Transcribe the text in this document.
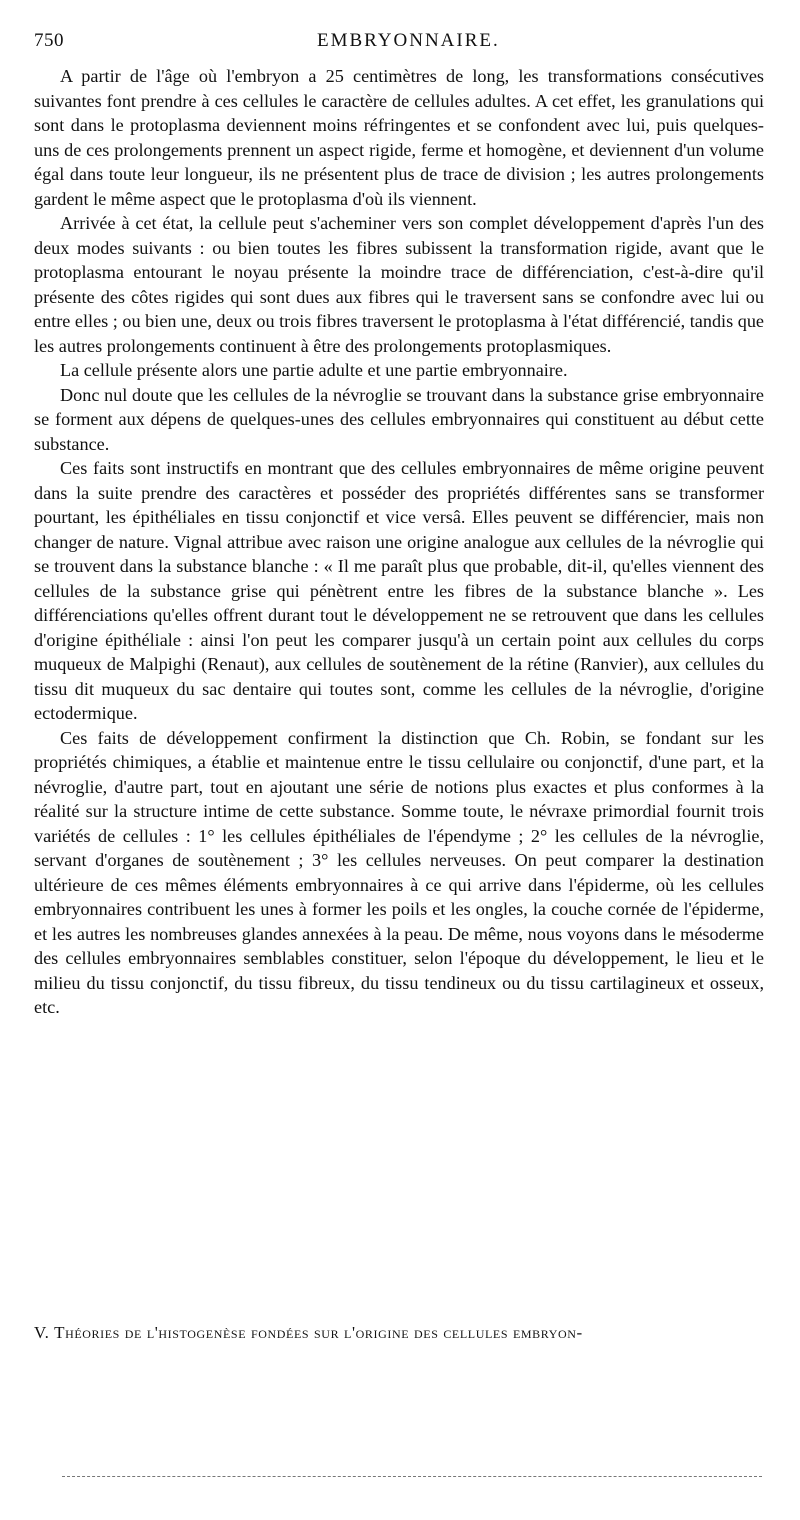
750	EMBRYONNAIRE.

A partir de l'âge où l'embryon a 25 centimètres de long, les transformations consécutives suivantes font prendre à ces cellules le caractère de cellules adultes. A cet effet, les granulations qui sont dans le protoplasma deviennent moins réfringentes et se confondent avec lui, puis quelques-uns de ces prolongements prennent un aspect rigide, ferme et homogène, et deviennent d'un volume égal dans toute leur longueur, ils ne présentent plus de trace de division ; les autres prolongements gardent le même aspect que le protoplasma d'où ils viennent.

Arrivée à cet état, la cellule peut s'acheminer vers son complet développement d'après l'un des deux modes suivants : ou bien toutes les fibres subissent la transformation rigide, avant que le protoplasma entourant le noyau présente la moindre trace de différenciation, c'est-à-dire qu'il présente des côtes rigides qui sont dues aux fibres qui le traversent sans se confondre avec lui ou entre elles ; ou bien une, deux ou trois fibres traversent le protoplasma à l'état différencié, tandis que les autres prolongements continuent à être des prolongements protoplasmiques.

La cellule présente alors une partie adulte et une partie embryonnaire.

Donc nul doute que les cellules de la névroglie se trouvant dans la substance grise embryonnaire se forment aux dépens de quelques-unes des cellules embryonnaires qui constituent au début cette substance.

Ces faits sont instructifs en montrant que des cellules embryonnaires de même origine peuvent dans la suite prendre des caractères et posséder des propriétés différentes sans se transformer pourtant, les épithéliales en tissu conjonctif et vice versâ. Elles peuvent se différencier, mais non changer de nature. Vignal attribue avec raison une origine analogue aux cellules de la névroglie qui se trouvent dans la substance blanche : « Il me paraît plus que probable, dit-il, qu'elles viennent des cellules de la substance grise qui pénètrent entre les fibres de la substance blanche ». Les différenciations qu'elles offrent durant tout le développement ne se retrouvent que dans les cellules d'origine épithéliale : ainsi l'on peut les comparer jusqu'à un certain point aux cellules du corps muqueux de Malpighi (Renaut), aux cellules de soutènement de la rétine (Ranvier), aux cellules du tissu dit muqueux du sac dentaire qui toutes sont, comme les cellules de la névroglie, d'origine ectodermique.

Ces faits de développement confirment la distinction que Ch. Robin, se fondant sur les propriétés chimiques, a établie et maintenue entre le tissu cellulaire ou conjonctif, d'une part, et la névroglie, d'autre part, tout en ajoutant une série de notions plus exactes et plus conformes à la réalité sur la structure intime de cette substance. Somme toute, le névraxe primordial fournit trois variétés de cellules : 1° les cellules épithéliales de l'épendyme ; 2° les cellules de la névroglie, servant d'organes de soutènement ; 3° les cellules nerveuses. On peut comparer la destination ultérieure de ces mêmes éléments embryonnaires à ce qui arrive dans l'épiderme, où les cellules embryonnaires contribuent les unes à former les poils et les ongles, la couche cornée de l'épiderme, et les autres les nombreuses glandes annexées à la peau. De même, nous voyons dans le mésoderme des cellules embryonnaires semblables constituer, selon l'époque du développement, le lieu et le milieu du tissu conjonctif, du tissu fibreux, du tissu tendineux ou du tissu cartilagineux et osseux, etc.

V. Théories de l'histogenèse fondées sur l'origine des cellules embryon-
